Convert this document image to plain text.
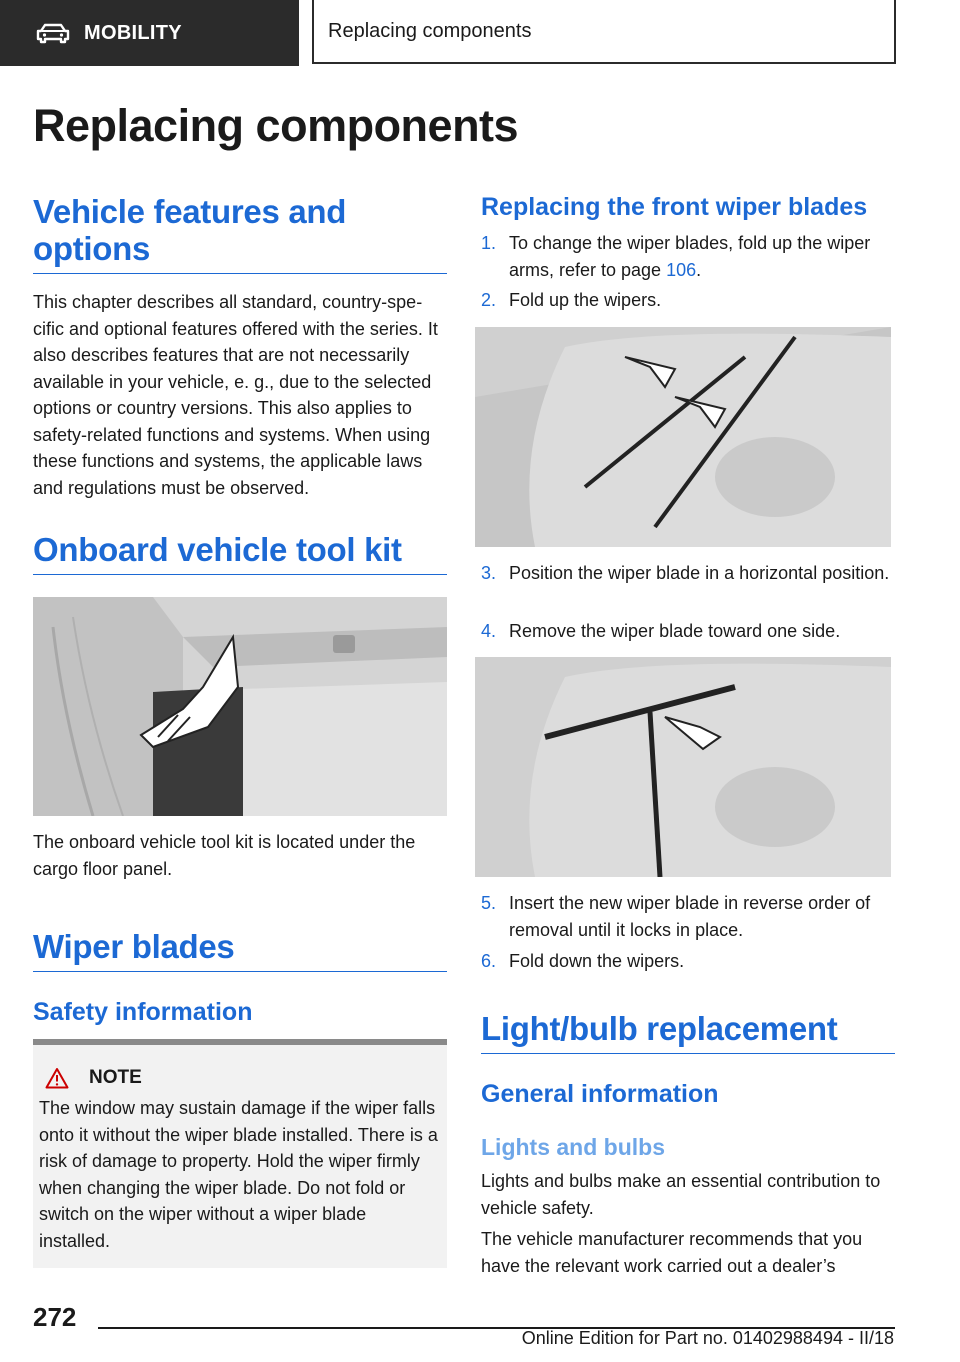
MOBILITY	Replacing components
Replacing components
Vehicle features and options

This chapter describes all standard, country-specific and optional features offered with the series. It also describes features that are not necessarily available in your vehicle, e. g., due to the selected options or country versions. This also applies to safety-related functions and systems. When using these functions and systems, the applicable laws and regulations must be observed.

Onboard vehicle tool kit

The onboard vehicle tool kit is located under the cargo floor panel.

Wiper blades
Safety information
NOTE
The window may sustain damage if the wiper falls onto it without the wiper blade installed. There is a risk of damage to property. Hold the wiper firmly when changing the wiper blade. Do not fold or switch on the wiper without a wiper blade installed.
Replacing the front wiper blades
1. To change the wiper blades, fold up the wiper arms, refer to page 106.
2. Fold up the wipers.
3. Position the wiper blade in a horizontal position.
4. Remove the wiper blade toward one side.
5. Insert the new wiper blade in reverse order of removal until it locks in place.
6. Fold down the wipers.
Light/bulb replacement
General information
Lights and bulbs

Lights and bulbs make an essential contribution to vehicle safety.

The vehicle manufacturer recommends that you have the relevant work carried out a dealer’s

272
Online Edition for Part no. 01402988494 - II/18
